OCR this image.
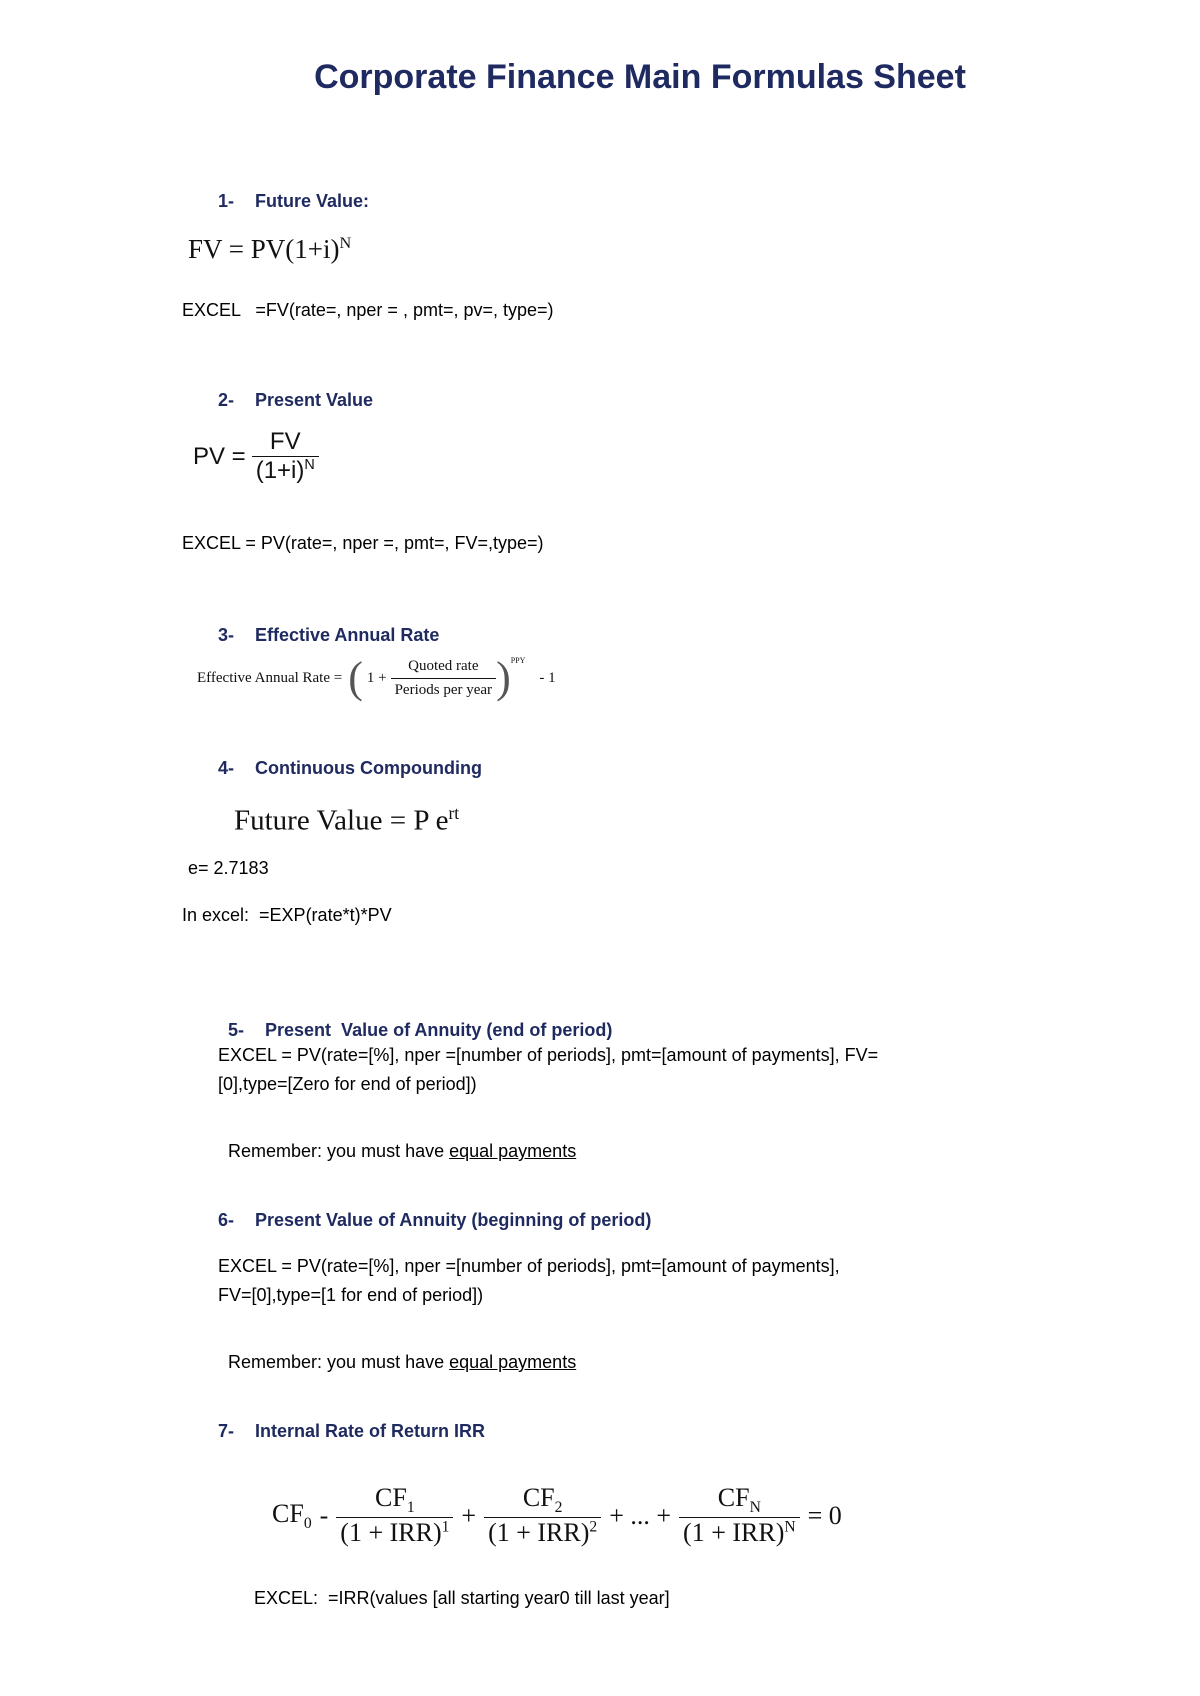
Corporate Finance Main Formulas Sheet
1- Future Value:
FV = $PV(1+i)^N$
EXCEL   =FV(rate=, nper = , pmt=, pv=, type=)
2- Present Value
PV = $\frac{FV}{(1+i)^N}$
EXCEL = PV(rate=, nper =, pmt=, FV=,type=)
3- Effective Annual Rate
Effective Annual Rate = ( $1 + \frac{\text{Quoted rate}}{\text{Periods per year}}$ ) PPY
- 1
4- Continuous Compounding
Future Value = P $e^{rt}$
e= 2.7183
In excel:  =EXP(rate*t)*PV

5- Present  Value of Annuity (end of period)

EXCEL = PV(rate=[%], nper =[number of periods], pmt=[amount of payments], FV=
[0],type=[Zero for end of period])

Remember: you must have equal payments

6- Present Value of Annuity (beginning of period)
EXCEL = PV(rate=[%], nper =[number of periods], pmt=[amount of payments],
FV=[0],type=[1 for end of period])

Remember: you must have equal payments

7- Internal Rate of Return IRR
$CF_0 - \frac{CF_1}{(1 + IRR)^1} + \frac{CF_2}{(1 + IRR)^2}$ + ... + $\frac{CF_N}{(1 + IRR)^N} = 0$
EXCEL:  =IRR(values [all starting year0 till last year]
